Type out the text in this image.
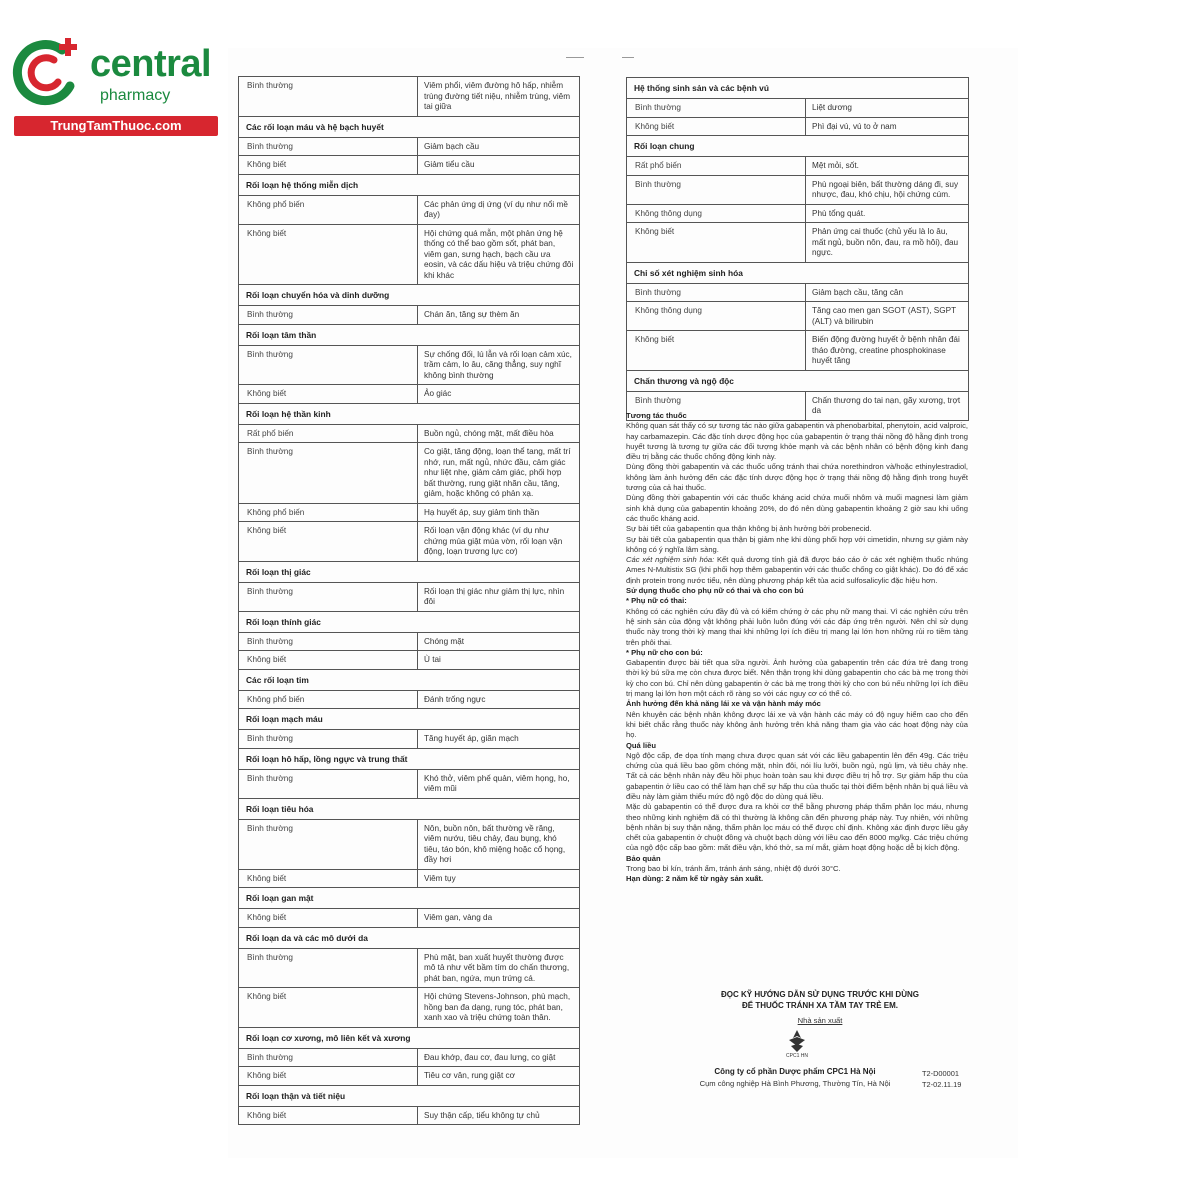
central
pharmacy
TrungTamThuoc.com
Bình thường	Viêm phổi, viêm đường hô hấp, nhiễm trùng đường tiết niệu, nhiễm trùng, viêm tai giữa
Các rối loạn máu và hệ bạch huyết
Bình thường	Giảm bạch cầu
Không biết	Giảm tiểu cầu
Rối loạn hệ thống miễn dịch
Không phổ biến	Các phản ứng dị ứng (ví dụ như nổi mề đay)
Không biết	Hội chứng quá mẫn, một phản ứng hệ thống có thể bao gồm sốt, phát ban, viêm gan, sưng hạch, bạch cầu ưa eosin, và các dấu hiệu và triệu chứng đôi khi khác
Rối loạn chuyển hóa và dinh dưỡng
Bình thường	Chán ăn, tăng sự thèm ăn
Rối loạn tâm thần
Bình thường	Sự chống đối, lú lẫn và rối loạn cảm xúc, trầm cảm, lo âu, căng thẳng, suy nghĩ không bình thường
Không biết	Ảo giác
Rối loạn hệ thần kinh
Rất phổ biến	Buồn ngủ, chóng mặt, mất điều hòa
Bình thường	Co giật, tăng động, loạn thể tang, mất trí nhớ, run, mất ngủ, nhức đầu, cảm giác như liệt nhẹ, giảm cảm giác, phối hợp bất thường, rung giật nhãn cầu, tăng, giảm, hoặc không có phản xạ.
Không phổ biến	Hạ huyết áp, suy giảm tinh thần
Không biết	Rối loạn vận động khác (ví dụ như chứng múa giật múa vờn, rối loạn vận động, loạn trương lực cơ)
Rối loạn thị giác
Bình thường	Rối loạn thị giác như giảm thị lực, nhìn đôi
Rối loạn thính giác
Bình thường	Chóng mặt
Không biết	Ù tai
Các rối loạn tim
Không phổ biến	Đánh trống ngực
Rối loạn mạch máu
Bình thường	Tăng huyết áp, giãn mạch
Rối loạn hô hấp, lồng ngực và trung thất
Bình thường	Khó thở, viêm phế quản, viêm họng, ho, viêm mũi
Rối loạn tiêu hóa
Bình thường	Nôn, buồn nôn, bất thường về răng, viêm nướu, tiêu chảy, đau bụng, khó tiêu, táo bón, khô miệng hoặc cổ họng, đầy hơi
Không biết	Viêm tụy
Rối loạn gan mật
Không biết	Viêm gan, vàng da
Rối loạn da và các mô dưới da
Bình thường	Phù mặt, ban xuất huyết thường được mô tả như vết bầm tím do chấn thương, phát ban, ngứa, mụn trứng cá.
Không biết	Hội chứng Stevens-Johnson, phù mạch, hồng ban đa dạng, rụng tóc, phát ban, xanh xao và triệu chứng toàn thân.
Rối loạn cơ xương, mô liên kết và xương
Bình thường	Đau khớp, đau cơ, đau lưng, co giật
Không biết	Tiêu cơ vân, rung giật cơ
Rối loạn thận và tiết niệu
Không biết	Suy thận cấp, tiểu không tự chủ
Hệ thống sinh sản và các bệnh vú
Bình thường	Liệt dương
Không biết	Phì đại vú, vú to ở nam
Rối loạn chung
Rất phổ biến	Mệt mỏi, sốt.
Bình thường	Phù ngoại biên, bất thường dáng đi, suy nhược, đau, khó chịu, hội chứng cúm.
Không thông dụng	Phù tổng quát.
Không biết	Phản ứng cai thuốc (chủ yếu là lo âu, mất ngủ, buồn nôn, đau, ra mồ hôi), đau ngực.
Chỉ số xét nghiệm sinh hóa
Bình thường	Giảm bạch cầu, tăng cân
Không thông dụng	Tăng cao men gan SGOT (AST), SGPT (ALT) và bilirubin
Không biết	Biến động đường huyết ở bệnh nhân đái tháo đường, creatine phosphokinase huyết tăng
Chấn thương và ngộ độc
Bình thường	Chấn thương do tai nạn, gãy xương, trợt da

Tương tác thuốc

Không quan sát thấy có sự tương tác nào giữa gabapentin và phenobarbital, phenytoin, acid valproic, hay carbamazepin. Các đặc tính dược động học của gabapentin ở trạng thái nồng độ hằng định trong huyết tương là tương tự giữa các đối tượng khỏe mạnh và các bệnh nhân có bệnh động kinh đang điều trị bằng các thuốc chống động kinh này.

Dùng đồng thời gabapentin và các thuốc uống tránh thai chứa norethindron và/hoặc ethinylestradiol, không làm ảnh hưởng đến các đặc tính dược động học ở trạng thái nồng độ hằng định trong huyết tương của cả hai thuốc.

Dùng đồng thời gabapentin với các thuốc kháng acid chứa muối nhôm và muối magnesi làm giảm sinh khả dụng của gabapentin khoảng 20%, do đó nên dùng gabapentin khoảng 2 giờ sau khi uống các thuốc kháng acid.

Sự bài tiết của gabapentin qua thận không bị ảnh hưởng bởi probenecid.

Sự bài tiết của gabapentin qua thận bị giảm nhẹ khi dùng phối hợp với cimetidin, nhưng sự giảm này không có ý nghĩa lâm sàng.

Các xét nghiệm sinh hóa: Kết quả dương tính giả đã được báo cáo ở các xét nghiệm thuốc nhúng Ames N-Multistix SG (khi phối hợp thêm gabapentin với các thuốc chống co giật khác). Do đó để xác định protein trong nước tiểu, nên dùng phương pháp kết tủa acid sulfosalicylic đặc hiệu hơn.

Sử dụng thuốc cho phụ nữ có thai và cho con bú

* Phụ nữ có thai:

Không có các nghiên cứu đầy đủ và có kiểm chứng ở các phụ nữ mang thai. Vì các nghiên cứu trên hệ sinh sản của động vật không phải luôn luôn đúng với các đáp ứng trên người. Nên chỉ sử dụng thuốc này trong thời kỳ mang thai khi những lợi ích điều trị mang lại lớn hơn những rủi ro tiềm tàng trên phôi thai.

* Phụ nữ cho con bú:

Gabapentin được bài tiết qua sữa người. Ảnh hưởng của gabapentin trên các đứa trẻ đang trong thời kỳ bú sữa mẹ còn chưa được biết. Nên thận trọng khi dùng gabapentin cho các bà mẹ trong thời kỳ cho con bú. Chỉ nên dùng gabapentin ở các bà mẹ trong thời kỳ cho con bú nếu những lợi ích điều trị mang lại lớn hơn một cách rõ ràng so với các nguy cơ có thể có.

Ảnh hưởng đến khả năng lái xe và vận hành máy móc

Nên khuyên các bệnh nhân không được lái xe và vận hành các máy có độ nguy hiểm cao cho đến khi biết chắc rằng thuốc này không ảnh hưởng trên khả năng tham gia vào các hoạt động này của họ.

Quá liều

Ngộ độc cấp, đe dọa tính mạng chưa được quan sát với các liều gabapentin lên đến 49g. Các triệu chứng của quá liều bao gồm chóng mặt, nhìn đôi, nói líu lưỡi, buồn ngủ, ngủ lịm, và tiêu chảy nhẹ. Tất cả các bệnh nhân này đều hồi phục hoàn toàn sau khi được điều trị hỗ trợ. Sự giảm hấp thu của gabapentin ở liều cao có thể làm hạn chế sự hấp thu của thuốc tại thời điểm bệnh nhân bị quá liều và điều này làm giảm thiểu mức độ ngộ độc do dùng quá liều.

Mặc dù gabapentin có thể được đưa ra khỏi cơ thể bằng phương pháp thẩm phân lọc máu, nhưng theo những kinh nghiệm đã có thì thường là không cần đến phương pháp này. Tuy nhiên, với những bệnh nhân bị suy thận nặng, thẩm phân lọc máu có thể được chỉ định. Không xác định được liều gây chết của gabapentin ở chuột đồng và chuột bạch dùng với liều cao đến 8000 mg/kg. Các triệu chứng của ngộ độc cấp bao gồm: mất điều vận, khó thở, sa mí mắt, giảm hoạt động hoặc dễ bị kích động.

Bảo quản

Trong bao bì kín, tránh ẩm, tránh ánh sáng, nhiệt độ dưới 30°C.

Hạn dùng: 2 năm kể từ ngày sản xuất.

ĐỌC KỸ HƯỚNG DẪN SỬ DỤNG TRƯỚC KHI DÙNG
ĐỂ THUỐC TRÁNH XA TẦM TAY TRẺ EM.
Nhà sản xuất
CPC1 HN
Công ty cổ phần Dược phẩm CPC1 Hà Nội
Cụm công nghiệp Hà Bình Phương, Thường Tín, Hà Nội
T2-D00001
T2-02.11.19
